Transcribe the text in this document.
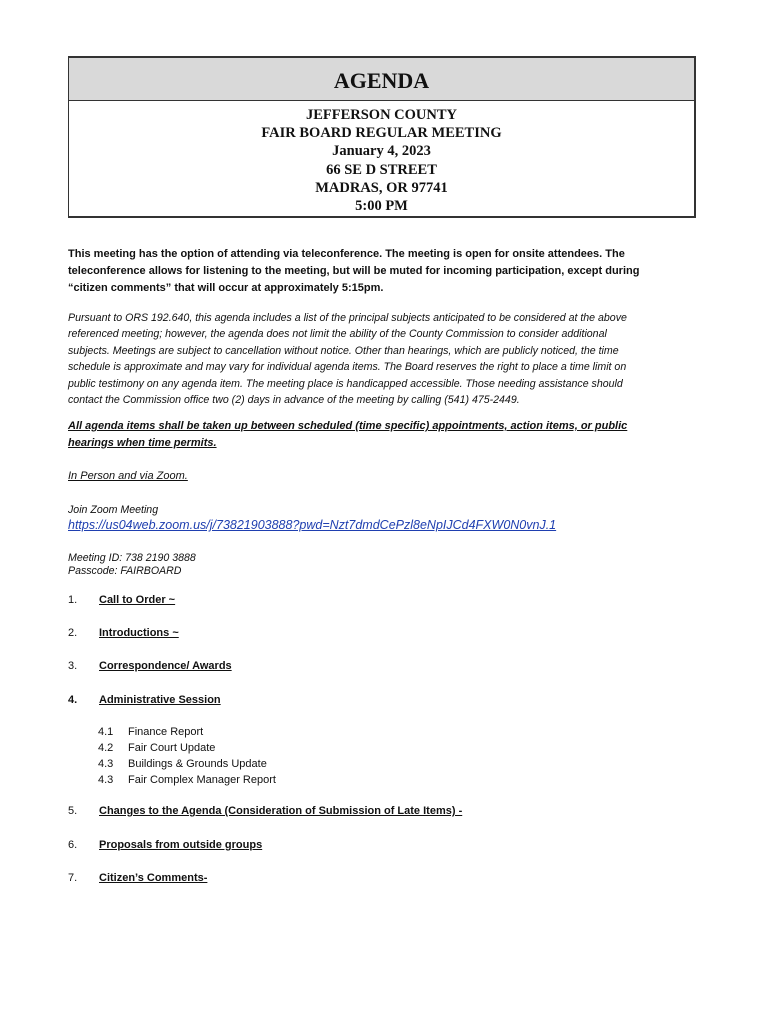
AGENDA
JEFFERSON COUNTY
FAIR BOARD REGULAR MEETING
January 4, 2023
66 SE D STREET
MADRAS, OR 97741
5:00 PM
This meeting has the option of attending via teleconference. The meeting is open for onsite attendees. The
teleconference allows for listening to the meeting, but will be muted for incoming participation, except during
“citizen comments” that will occur at approximately 5:15pm.
Pursuant to ORS 192.640, this agenda includes a list of the principal subjects anticipated to be considered at the above
referenced meeting; however, the agenda does not limit the ability of the County Commission to consider additional
subjects. Meetings are subject to cancellation without notice. Other than hearings, which are publicly noticed, the time
schedule is approximate and may vary for individual agenda items. The Board reserves the right to place a time limit on
public testimony on any agenda item. The meeting place is handicapped accessible. Those needing assistance should
contact the Commission office two (2) days in advance of the meeting by calling (541) 475-2449.
All agenda items shall be taken up between scheduled (time specific) appointments, action items, or public
hearings when time permits.
In Person and via Zoom.
Join Zoom Meeting
https://us04web.zoom.us/j/73821903888?pwd=Nzt7dmdCePzl8eNpIJCd4FXW0N0vnJ.1
Meeting ID: 738 2190 3888
Passcode: FAIRBOARD
1.	Call to Order ~
2.	Introductions ~
3.	Correspondence/ Awards
4.	Administrative Session
4.1 Finance Report
4.2 Fair Court Update
4.3 Buildings & Grounds Update
4.3 Fair Complex Manager Report
5.	Changes to the Agenda (Consideration of Submission of Late Items) -
6.	Proposals from outside groups
7.	Citizen’s Comments-
